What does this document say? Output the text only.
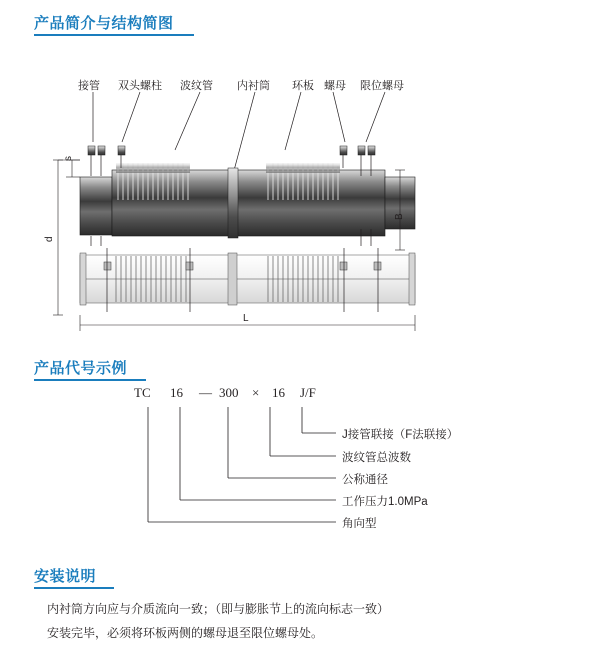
产品简介与结构简图
接管 双头螺柱 波纹管 内衬筒 环板 螺母 限位螺母
s
d
B
L
产品代号示例
TC 16 — 300 × 16 J/F
J接管联接（F法联接）
波纹管总波数
公称通径
工作压力1.0MPa
角向型
安装说明

内衬筒方向应与介质流向一致；（即与膨胀节上的流向标志一致）

安装完毕，必须将环板两侧的螺母退至限位螺母处。
